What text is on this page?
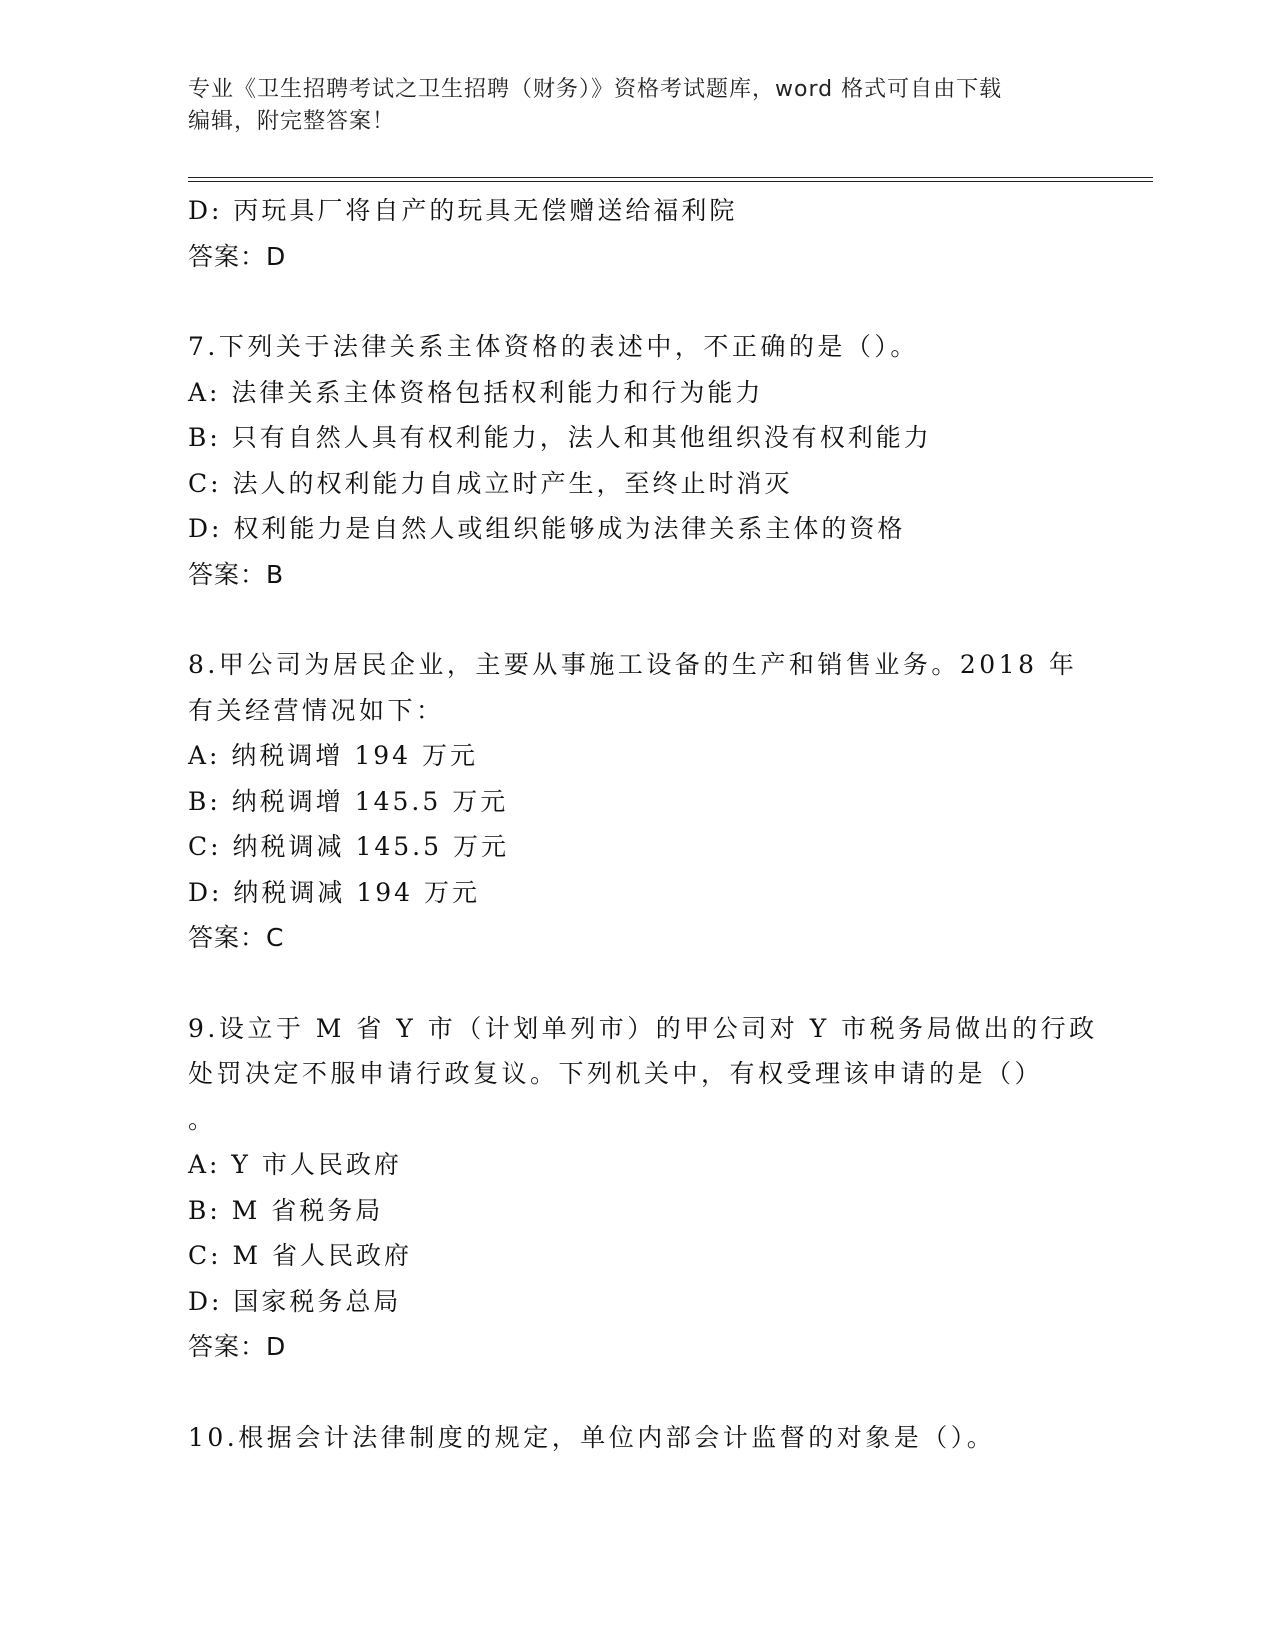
专业《卫生招聘考试之卫生招聘（财务）》资格考试题库，word 格式可自由下载
编辑，附完整答案！
D: 丙玩具厂将自产的玩具无偿赠送给福利院
答案：D
7.下列关于法律关系主体资格的表述中，不正确的是（）。
A: 法律关系主体资格包括权利能力和行为能力
B: 只有自然人具有权利能力，法人和其他组织没有权利能力
C: 法人的权利能力自成立时产生，至终止时消灭
D: 权利能力是自然人或组织能够成为法律关系主体的资格
答案：B
8.甲公司为居民企业，主要从事施工设备的生产和销售业务。2018 年
有关经营情况如下：
A: 纳税调增 194 万元
B: 纳税调增 145.5 万元
C: 纳税调减 145.5 万元
D: 纳税调减 194 万元
答案：C
9.设立于 M 省 Y 市（计划单列市）的甲公司对 Y 市税务局做出的行政
处罚决定不服申请行政复议。下列机关中，有权受理该申请的是（）
。
A: Y 市人民政府
B: M 省税务局
C: M 省人民政府
D: 国家税务总局
答案：D
10.根据会计法律制度的规定，单位内部会计监督的对象是（）。
